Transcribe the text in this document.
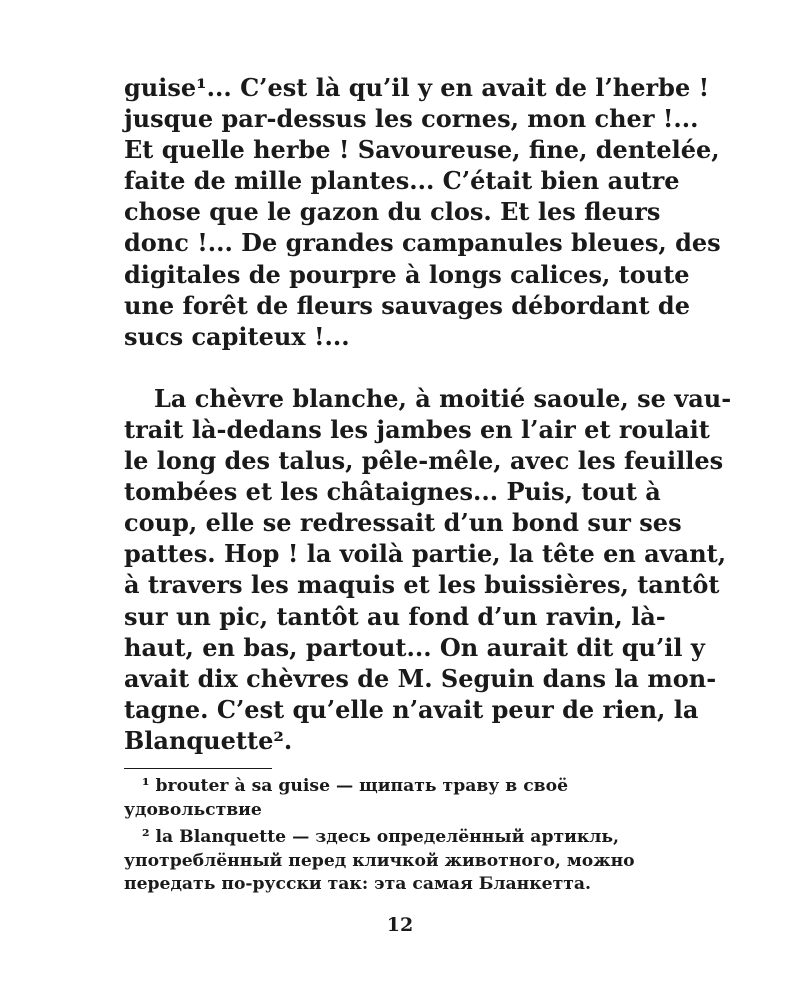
guise¹... C’est là qu’il y en avait de l’herbe !
jusque par-dessus les cornes, mon cher !...
Et quelle herbe ! Savoureuse, fine, dentelée,
faite de mille plantes... C’était bien autre
chose que le gazon du clos. Et les fleurs
donc !... De grandes campanules bleues, des
digitales de pourpre à longs calices, toute
une forêt de fleurs sauvages débordant de
sucs capiteux !...
La chèvre blanche, à moitié saoule, se vau-
trait là-dedans les jambes en l’air et roulait
le long des talus, pêle-mêle, avec les feuilles
tombées et les châtaignes... Puis, tout à
coup, elle se redressait d’un bond sur ses
pattes. Hop ! la voilà partie, la tête en avant,
à travers les maquis et les buissières, tantôt
sur un pic, tantôt au fond d’un ravin, là-
haut, en bas, partout... On aurait dit qu’il y
avait dix chèvres de M. Seguin dans la mon-
tagne. C’est qu’elle n’avait peur de rien, la
Blanquette².
¹ brouter à sa guise — щипать траву в своё
удовольствие
² la Blanquette — здесь определённый артикль,
употреблённый перед кличкой животного, можно
передать по-русски так: эта самая Бланкетта.
12
